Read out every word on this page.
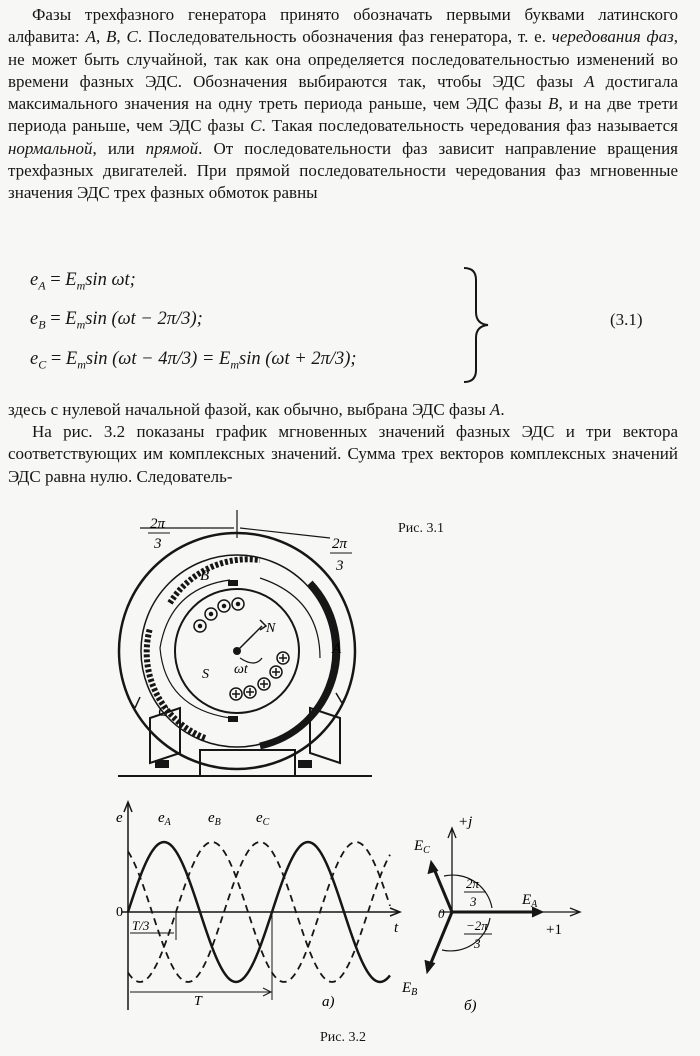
Фазы трехфазного генератора принято обозначать первыми буквами латинского алфавита: A, B, C. Последовательность обозначения фаз генератора, т. е. чередования фаз, не может быть случайной, так как она определяется последовательностью изменений во времени фазных ЭДС. Обозначения выбираются так, чтобы ЭДС фазы A достигала максимального значения на одну треть периода раньше, чем ЭДС фазы B, и на две трети периода раньше, чем ЭДС фазы C. Такая последовательность чередования фаз называется нормальной, или прямой. От последовательности фаз зависит направление вращения трехфазных двигателей. При прямой последовательности чередования фаз мгновенные значения ЭДС трех фазных обмоток равны

$e_A = E_m\sin$ ωt;
$e_B = E_m\sin$ (ωt − 2π/3);
$e_C = E_m\sin$ $(\omega t - 4\pi/3) = E_m\sin$ (ωt + 2π/3);
(3.1)

здесь с нулевой начальной фазой, как обычно, выбрана ЭДС фазы A.

На рис. 3.2 показаны график мгновенных значений фазных ЭДС и три вектора соответствующих им комплексных значений. Сумма трех векторов комплексных значений ЭДС равна нулю. Следователь-

2π
3	2π
3
B
A
C
N
S ωt
Рис. 3.1
e
t
0
$e_A$ $e_B$ $e_C$
T/3
T	а)
+j
+1
0
$E_A$
$E_C$
$E_B$
2π
3
−2π
3
б)
Рис. 3.2
